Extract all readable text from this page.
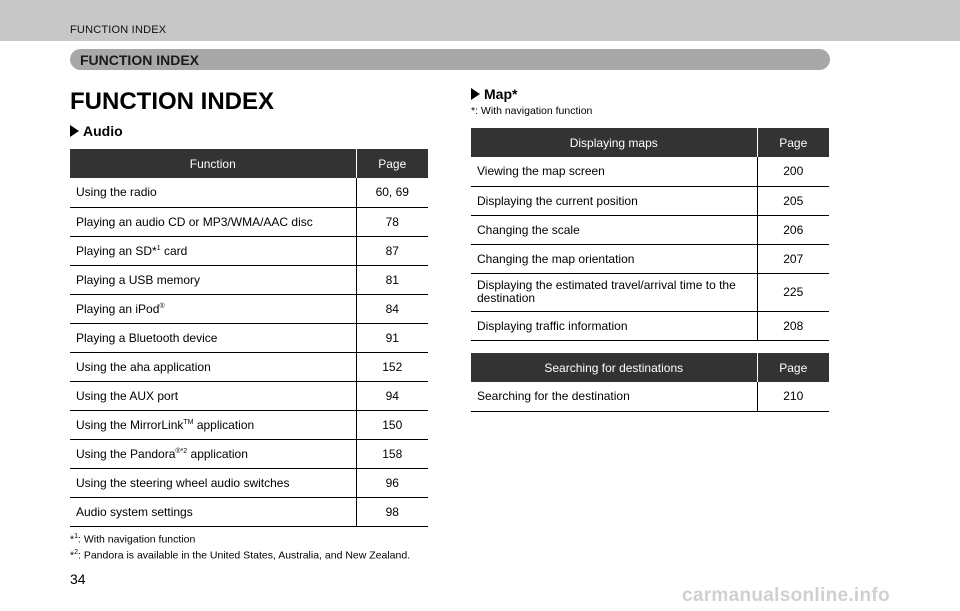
FUNCTION INDEX
FUNCTION INDEX
FUNCTION INDEX
Audio
Function	Page
Using the radio	60, 69
Playing an audio CD or MP3/WMA/AAC disc	78
Playing an SD*$^1$ card	87
Playing a USB memory	81
Playing an iPod®	84
Playing a Bluetooth device	91
Using the aha application	152
Using the AUX port	94
Using the MirrorLink™ application	150
Using the Pandora$^{®*2}$ application	158
Using the steering wheel audio switches	96
Audio system settings	98
*$^1$: With navigation function
*$^2$: Pandora is available in the United States, Australia, and New Zealand.
Map*
*: With navigation function
Displaying maps	Page
Viewing the map screen	200
Displaying the current position	205
Changing the scale	206
Changing the map orientation	207
Displaying the estimated travel/arrival time to the
destination	225
Displaying traffic information	208
Searching for destinations	Page
Searching for the destination	210
34
carmanualsonline.info
